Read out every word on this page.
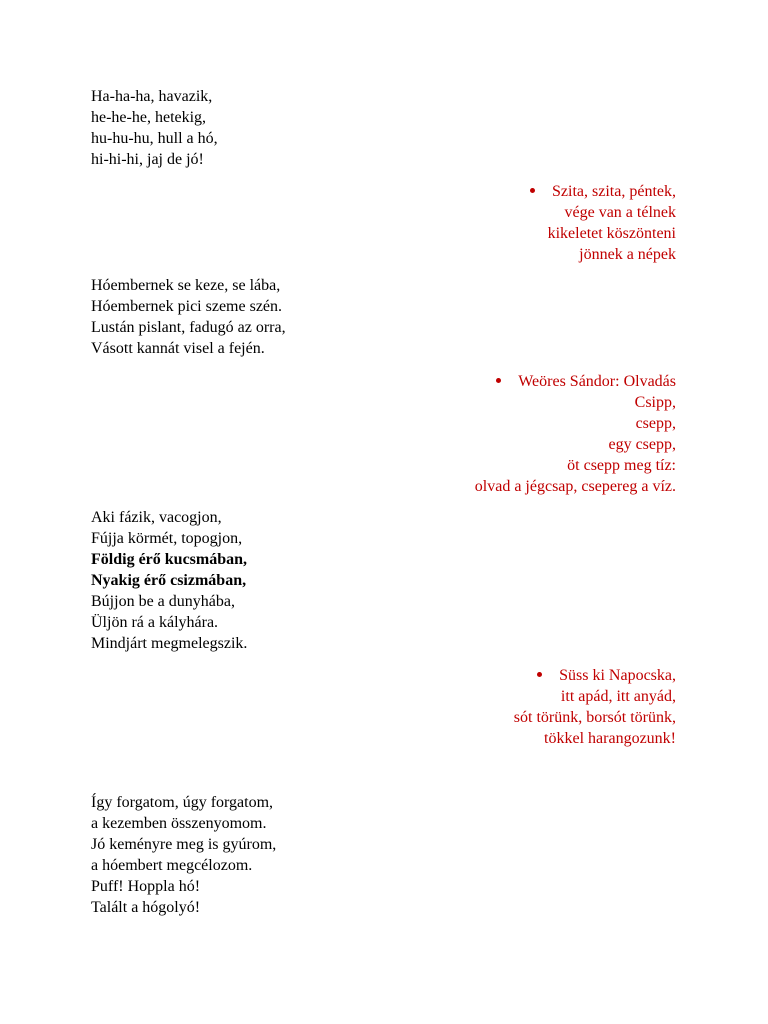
Ha-ha-ha, havazik,
he-he-he, hetekig,
hu-hu-hu, hull a hó,
hi-hi-hi, jaj de jó!
Szita, szita, péntek,
vége van a télnek
kikeletet köszönteni
jönnek a népek
Hóembernek se keze, se lába,
Hóembernek pici szeme szén.
Lustán pislant, fadugó az orra,
Vásott kannát visel a fején.
Weöres Sándor: Olvadás
Csipp,
csepp,
egy csepp,
öt csepp meg tíz:
olvad a jégcsap, csepereg a víz.
Aki fázik, vacogjon,
Fújja körmét, topogjon,
Földig érő kucsmában,
Nyakig érő csizmában,
Bújjon be a dunyhába,
Üljön rá a kályhára.
Mindjárt megmelegszik.
Süss ki Napocska,
itt apád, itt anyád,
sót törünk, borsót törünk,
tökkel harangozunk!
Így forgatom, úgy forgatom,
a kezemben összenyomom.
Jó keményre meg is gyúrom,
a hóembert megcélozom.
Puff! Hoppla hó!
Talált a hógolyó!
